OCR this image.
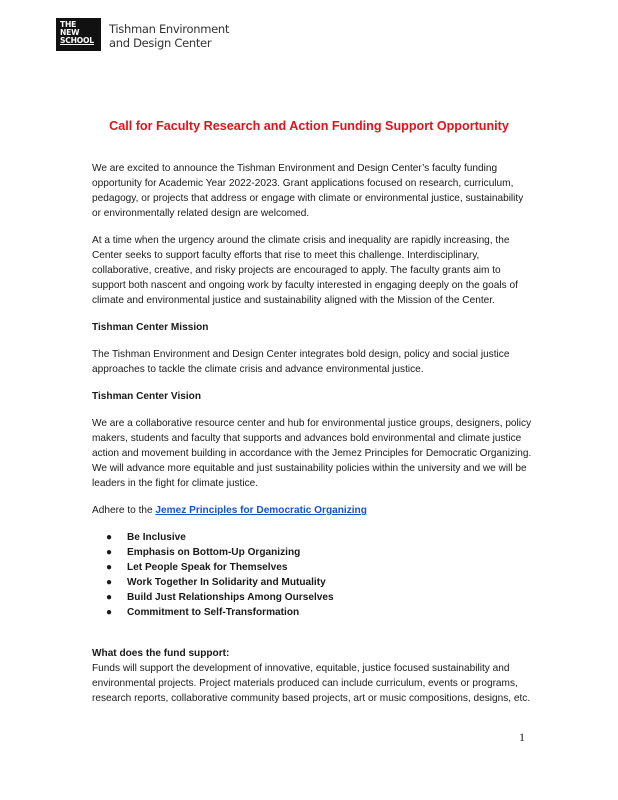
THE
NEW
SCHOOL
Tishman Environment
and Design Center
Call for Faculty Research and Action Funding Support Opportunity

We are excited to announce the Tishman Environment and Design Center’s faculty funding opportunity for Academic Year 2022-2023. Grant applications focused on research, curriculum, pedagogy, or projects that address or engage with climate or environmental justice, sustainability or environmentally related design are welcomed.

At a time when the urgency around the climate crisis and inequality are rapidly increasing, the Center seeks to support faculty efforts that rise to meet this challenge. Interdisciplinary, collaborative, creative, and risky projects are encouraged to apply. The faculty grants aim to support both nascent and ongoing work by faculty interested in engaging deeply on the goals of climate and environmental justice and sustainability aligned with the Mission of the Center.

Tishman Center Mission

The Tishman Environment and Design Center integrates bold design, policy and social justice approaches to tackle the climate crisis and advance environmental justice.

Tishman Center Vision

We are a collaborative resource center and hub for environmental justice groups, designers, policy makers, students and faculty that supports and advances bold environmental and climate justice action and movement building in accordance with the Jemez Principles for Democratic Organizing. We will advance more equitable and just sustainability policies within the university and we will be leaders in the fight for climate justice.

Adhere to the Jemez Principles for Democratic Organizing

● Be Inclusive
● Emphasis on Bottom-Up Organizing
● Let People Speak for Themselves
● Work Together In Solidarity and Mutuality
● Build Just Relationships Among Ourselves
● Commitment to Self-Transformation

What does the fund support:

Funds will support the development of innovative, equitable, justice focused sustainability and environmental projects. Project materials produced can include curriculum, events or programs, research reports, collaborative community based projects, art or music compositions, designs, etc.

1
